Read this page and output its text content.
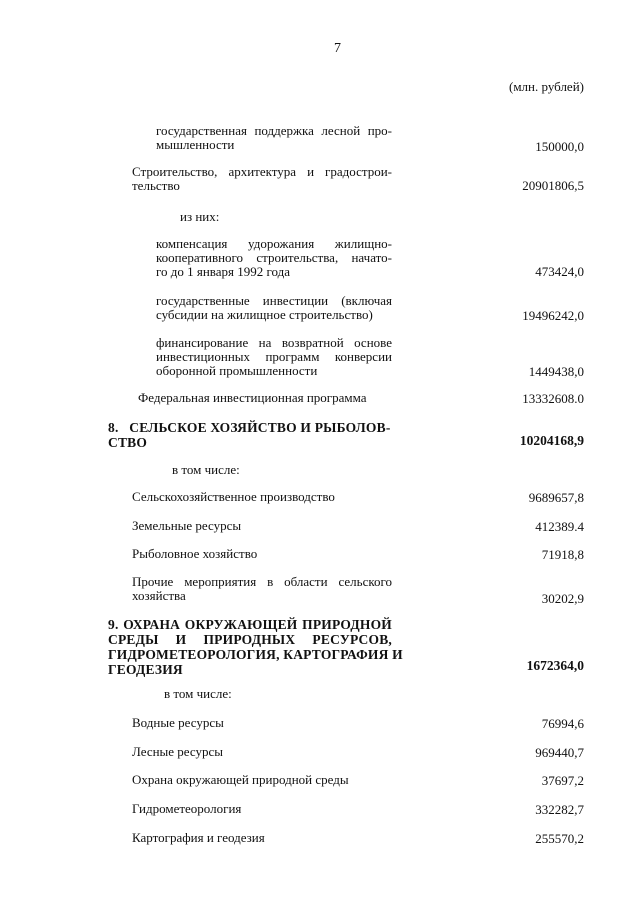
7
(млн. рублей)
государственная поддержка лесной про-
мышленности	150000,0
Строительство, архитектура и градострои-
тельство	20901806,5
из них:
компенсация удорожания жилищно-
кооперативного строительства, начато-
го до 1 января 1992 года	473424,0
государственные инвестиции (включая
субсидии на жилищное строительство)	19496242,0
финансирование на возвратной основе
инвестиционных программ конверсии
оборонной промышленности	1449438,0
Федеральная инвестиционная программа	13332608.0
8.   СЕЛЬСКОЕ ХОЗЯЙСТВО И РЫБОЛОВ-
СТВО	10204168,9
в том числе:
Сельскохозяйственное производство	9689657,8
Земельные ресурсы	412389.4
Рыболовное хозяйство	71918,8
Прочие мероприятия в области сельского
хозяйства	30202,9
9. ОХРАНА ОКРУЖАЮЩЕЙ ПРИРОДНОЙ
СРЕДЫ И ПРИРОДНЫХ РЕСУРСОВ,
ГИДРОМЕТЕОРОЛОГИЯ, КАРТОГРАФИЯ И
ГЕОДЕЗИЯ	1672364,0
в том числе:
Водные ресурсы	76994,6
Лесные ресурсы	969440,7
Охрана окружающей природной среды	37697,2
Гидрометеорология	332282,7
Картография и геодезия	255570,2
